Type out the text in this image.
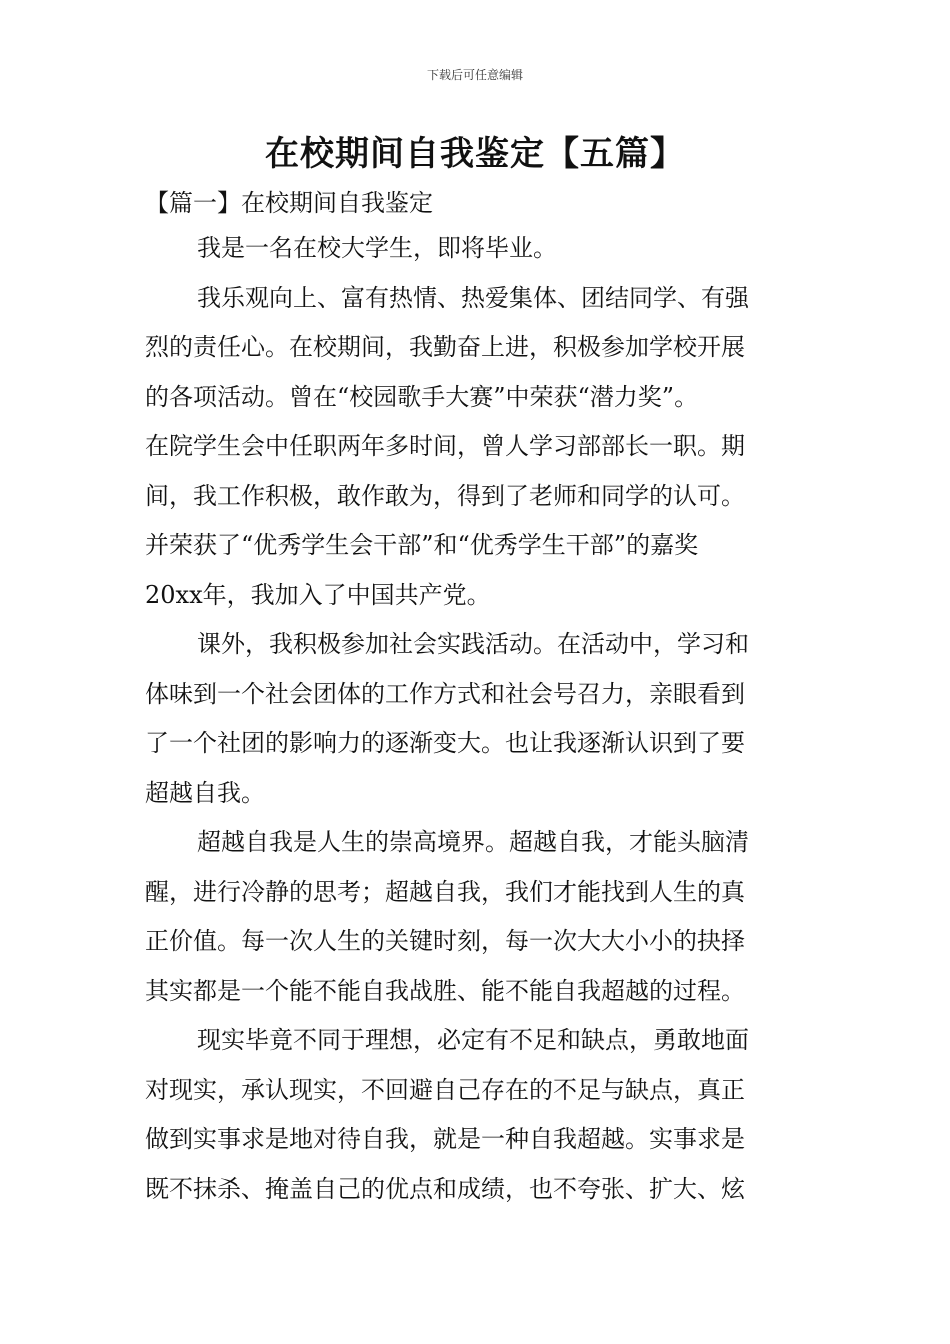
下载后可任意编辑
在校期间自我鉴定【五篇】
【篇一】在校期间自我鉴定
我是一名在校大学生，即将毕业。
我乐观向上、富有热情、热爱集体、团结同学、有强
烈的责任心。在校期间，我勤奋上进，积极参加学校开展
的各项活动。曾在“校园歌手大赛”中荣获“潜力奖”。
在院学生会中任职两年多时间，曾人学习部部长一职。期
间，我工作积极，敢作敢为，得到了老师和同学的认可。
并荣获了“优秀学生会干部”和“优秀学生干部”的嘉奖
20xx年，我加入了中国共产党。
课外，我积极参加社会实践活动。在活动中，学习和
体味到一个社会团体的工作方式和社会号召力，亲眼看到
了一个社团的影响力的逐渐变大。也让我逐渐认识到了要
超越自我。
超越自我是人生的崇高境界。超越自我，才能头脑清
醒，进行冷静的思考；超越自我，我们才能找到人生的真
正价值。每一次人生的关键时刻，每一次大大小小的抉择
其实都是一个能不能自我战胜、能不能自我超越的过程。
现实毕竟不同于理想，必定有不足和缺点，勇敢地面
对现实，承认现实，不回避自己存在的不足与缺点，真正
做到实事求是地对待自我，就是一种自我超越。实事求是
既不抹杀、掩盖自己的优点和成绩，也不夸张、扩大、炫
